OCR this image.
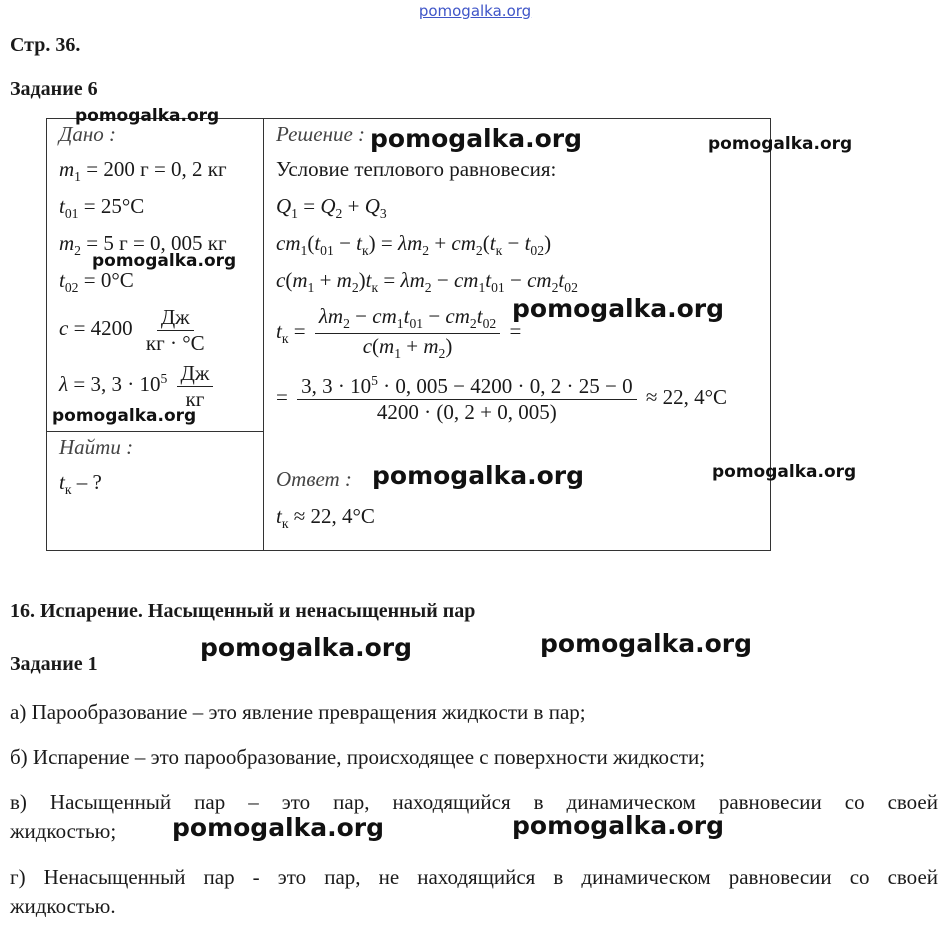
pomogalka.org
Стр. 36.
Задание 6
Дано :
$m_1 = 200$ г = 0, 2 кг
$t_{01} = 25^\circ C$
$m_2 = 5$ г = 0, 005 кг
$t_{02} = 0^\circ C$
$c = 4200 \frac{Дж}{кг \cdot ^\circ C}$
λ = 3, $3 \cdot 10^5 \frac{Дж}{кг}$

Решение :
Условие теплового равновесия:
$Q_1 = Q_2 + Q_3$
$cm_1(t_{01} - t_к) = \lambda m_2 + cm_2(t_к - t_{02})$
$c(m_1 + m_2)t_к = \lambda m_2 - cm_1t_{01} - cm_2t_{02}$
$t_к = \frac{\lambda m_2 - cm_1t_{01} - cm_2t_{02}}{c(m_1 + m_2)}$ =
= $\frac{3, 3 \cdot 10^5 \cdot 0, 005 - 4200 \cdot 0, 2 \cdot 25 - 0}{4200 \cdot (0, 2 + 0, 005)} \approx 22$, 4°C
Ответ :
$t_к \approx 22$, 4°C

Найти :
$t_к$ – ?
16. Испарение. Насыщенный и ненасыщенный пар
Задание 1
а) Парообразование – это явление превращения жидкости в пар;
б) Испарение – это парообразование, происходящее с поверхности жидкости;
в) Насыщенный пар – это пар, находящийся в динамическом равновесии со своей
жидкостью;
г) Ненасыщенный пар - это пар, не находящийся в динамическом равновесии со своей
жидкостью.
pomogalka.org
pomogalka.org	pomogalka.org
pomogalka.org
pomogalka.org
pomogalka.org
pomogalka.org	pomogalka.org
pomogalka.org	pomogalka.org
pomogalka.org	pomogalka.org
